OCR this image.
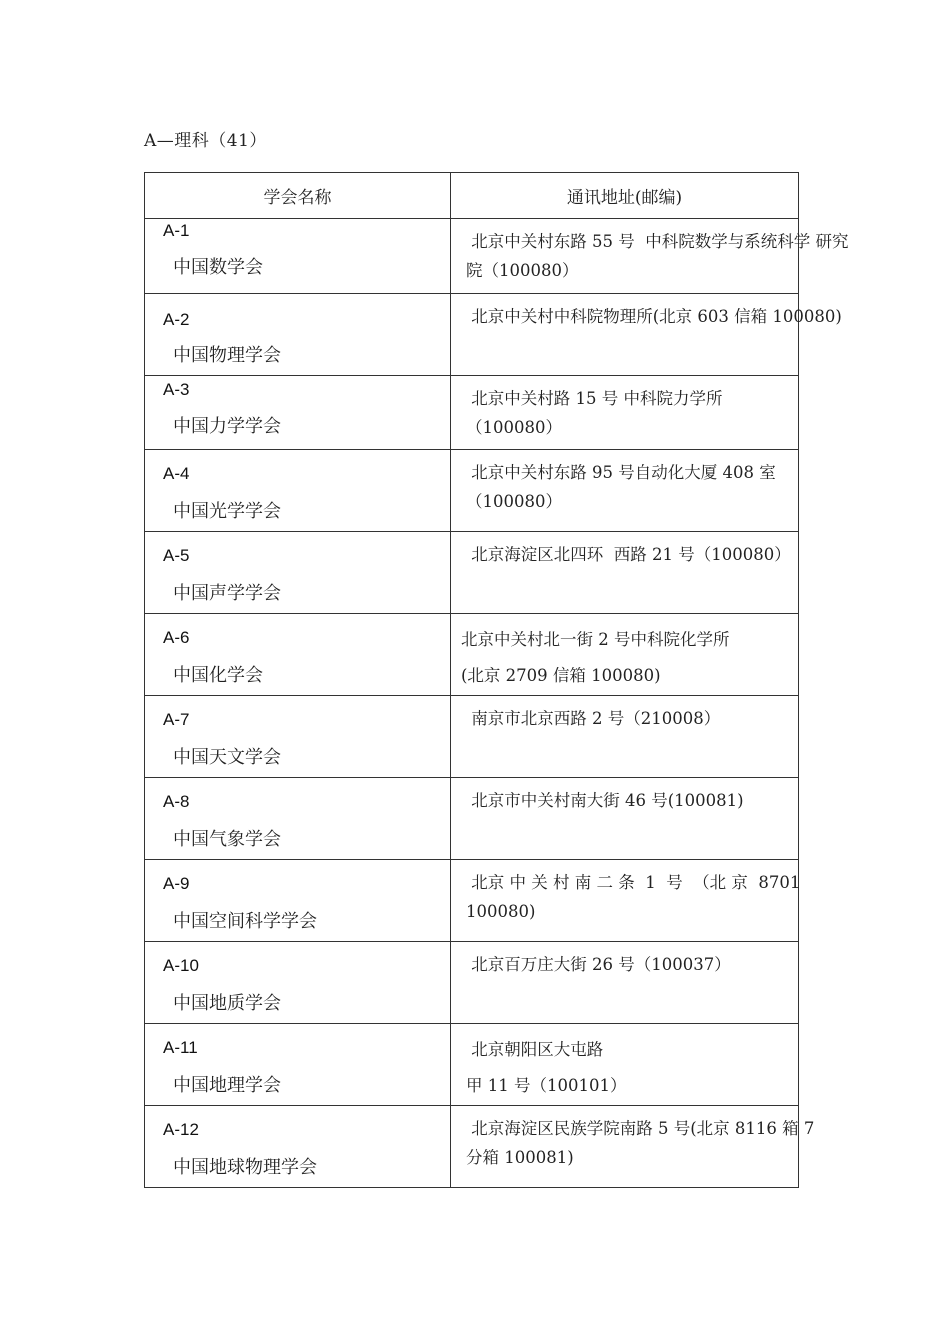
A—理科（41）
学会名称	通讯地址(邮编)
A-1
中国数学会
北京中关村东路 55 号  中科院数学与系统科学 研究院（100080）
A-2
中国物理学会
北京中关村中科院物理所(北京 603 信箱 100080)
A-3
中国力学学会
北京中关村路 15 号 中科院力学所
（100080）
A-4
中国光学学会
北京中关村东路 95 号自动化大厦 408 室
（100080）
A-5
中国声学学会
北京海淀区北四环  西路 21 号（100080）
A-6
中国化学会
北京中关村北一街 2 号中科院化学所
(北京 2709 信箱 100080)
A-7
中国天文学会
南京市北京西路 2 号（210008）
A-8
中国气象学会
北京市中关村南大街 46 号(100081)
A-9
中国空间科学学会
北京 中 关 村 南 二 条  1  号  （北 京  8701 100080)
A-10
中国地质学会
北京百万庄大街 26 号（100037）
A-11
中国地理学会
北京朝阳区大屯路
甲 11 号（100101）
A-12
中国地球物理学会
北京海淀区民族学院南路 5 号(北京 8116 箱 7 分箱 100081)
